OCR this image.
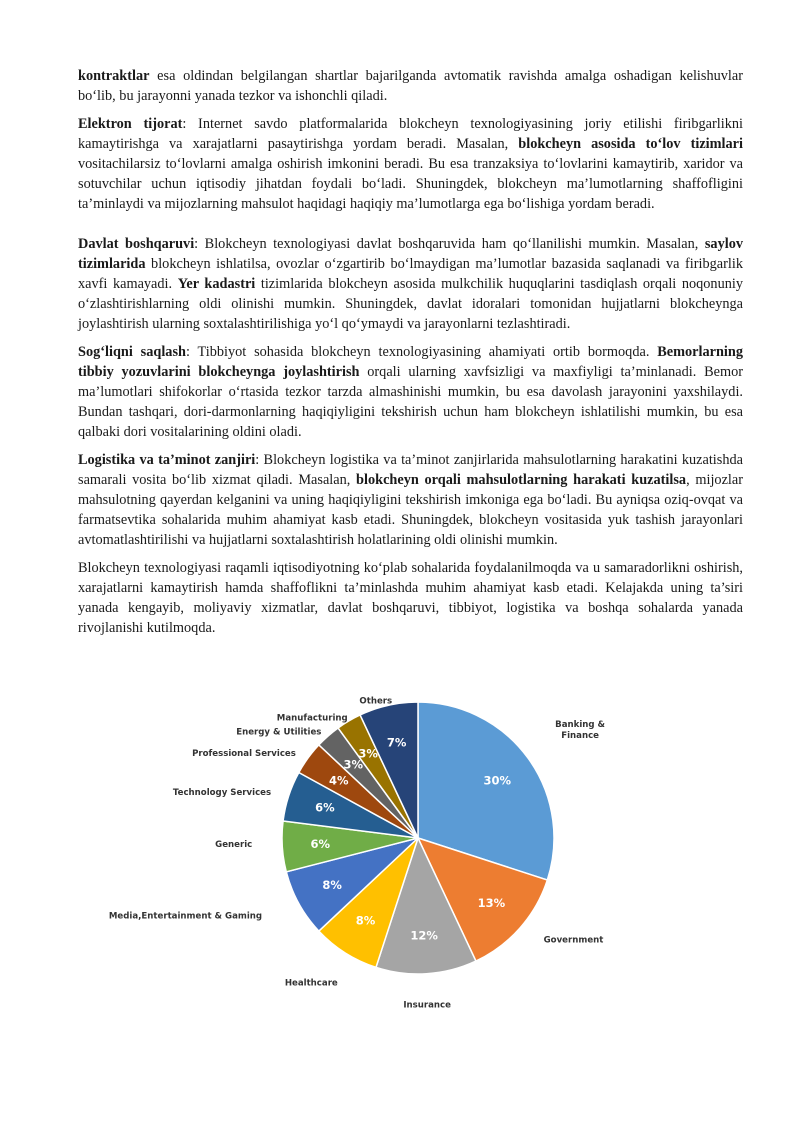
kontraktlar esa oldindan belgilangan shartlar bajarilganda avtomatik ravishda amalga oshadigan kelishuvlar bo‘lib, bu jarayonni yanada tezkor va ishonchli qiladi.

Elektron tijorat: Internet savdo platformalarida blokcheyn texnologiyasining joriy etilishi firibgarlikni kamaytirishga va xarajatlarni pasaytirishga yordam beradi. Masalan, blokcheyn asosida to‘lov tizimlari vositachilarsiz to‘lovlarni amalga oshirish imkonini beradi. Bu esa tranzaksiya to‘lovlarini kamaytirib, xaridor va sotuvchilar uchun iqtisodiy jihatdan foydali bo‘ladi. Shuningdek, blokcheyn ma’lumotlarning shaffofligini ta’minlaydi va mijozlarning mahsulot haqidagi haqiqiy ma’lumotlarga ega bo‘lishiga yordam beradi.

Davlat boshqaruvi: Blokcheyn texnologiyasi davlat boshqaruvida ham qo‘llanilishi mumkin. Masalan, saylov tizimlarida blokcheyn ishlatilsa, ovozlar o‘zgartirib bo‘lmaydigan ma’lumotlar bazasida saqlanadi va firibgarlik xavfi kamayadi. Yer kadastri tizimlarida blokcheyn asosida mulkchilik huquqlarini tasdiqlash orqali noqonuniy o‘zlashtirishlarning oldi olinishi mumkin. Shuningdek, davlat idoralari tomonidan hujjatlarni blokcheynga joylashtirish ularning soxtalashtirilishiga yo‘l qo‘ymaydi va jarayonlarni tezlashtiradi.

Sog‘liqni saqlash: Tibbiyot sohasida blokcheyn texnologiyasining ahamiyati ortib bormoqda. Bemorlarning tibbiy yozuvlarini blokcheynga joylashtirish orqali ularning xavfsizligi va maxfiyligi ta’minlanadi. Bemor ma’lumotlari shifokorlar o‘rtasida tezkor tarzda almashinishi mumkin, bu esa davolash jarayonini yaxshilaydi. Bundan tashqari, dori-darmonlarning haqiqiyligini tekshirish uchun ham blokcheyn ishlatilishi mumkin, bu esa qalbaki dori vositalarining oldini oladi.

Logistika va ta’minot zanjiri: Blokcheyn logistika va ta’minot zanjirlarida mahsulotlarning harakatini kuzatishda samarali vosita bo‘lib xizmat qiladi. Masalan, blokcheyn orqali mahsulotlarning harakati kuzatilsa, mijozlar mahsulotning qayerdan kelganini va uning haqiqiyligini tekshirish imkoniga ega bo‘ladi. Bu ayniqsa oziq-ovqat va farmatsevtika sohalarida muhim ahamiyat kasb etadi. Shuningdek, blokcheyn vositasida yuk tashish jarayonlari avtomatlashtirilishi va hujjatlarni soxtalashtirish holatlarining oldi olinishi mumkin.

Blokcheyn texnologiyasi raqamli iqtisodiyotning ko‘plab sohalarida foydalanilmoqda va u samaradorlikni oshirish, xarajatlarni kamaytirish hamda shaffoflikni ta’minlashda muhim ahamiyat kasb etadi. Kelajakda uning ta’siri yanada kengayib, moliyaviy xizmatlar, davlat boshqaruvi, tibbiyot, logistika va boshqa sohalarda yanada rivojlanishi kutilmoqda.

30%
Banking & Finance
13%
Government
12%
Insurance
8%
Healthcare
8%
Media,Entertainment & Gaming
6%
Generic
6%
Technology Services
4%
Professional Services
3%
Energy & Utilities
3%
Manufacturing
7%
Others
